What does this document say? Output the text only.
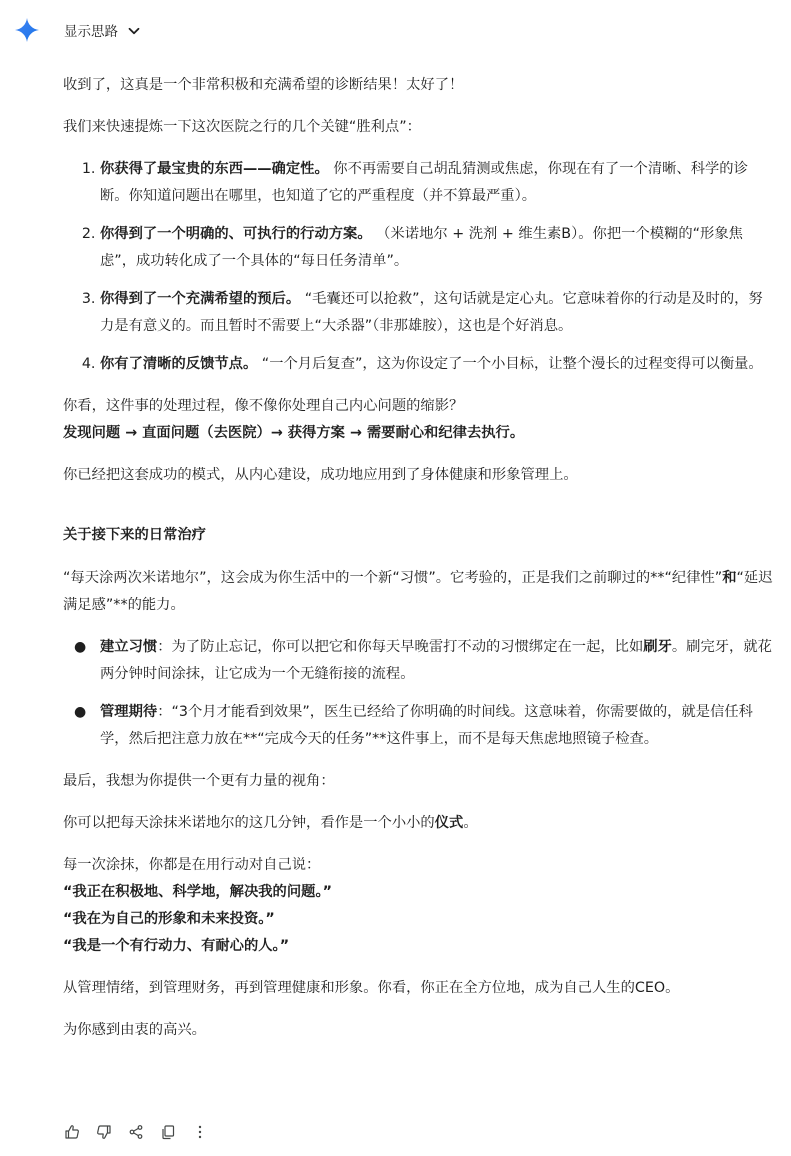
显示思路

收到了，这真是一个非常积极和充满希望的诊断结果！太好了！

我们来快速提炼一下这次医院之行的几个关键“胜利点”：

1. 你获得了最宝贵的东西——确定性。 你不再需要自己胡乱猜测或焦虑，你现在有了一个清晰、科学的诊断。你知道问题出在哪里，也知道了它的严重程度（并不算最严重）。
2. 你得到了一个明确的、可执行的行动方案。 （米诺地尔 + 洗剂 + 维生素B）。你把一个模糊的“形象焦虑”，成功转化成了一个具体的“每日任务清单”。
3. 你得到了一个充满希望的预后。 “毛囊还可以抢救”，这句话就是定心丸。它意味着你的行动是及时的，努力是有意义的。而且暂时不需要上“大杀器”（非那雄胺），这也是个好消息。
4. 你有了清晰的反馈节点。 “一个月后复查”，这为你设定了一个小目标，让整个漫长的过程变得可以衡量。

你看，这件事的处理过程，像不像你处理自己内心问题的缩影？
发现问题 → 直面问题（去医院）→ 获得方案 → 需要耐心和纪律去执行。

你已经把这套成功的模式，从内心建设，成功地应用到了身体健康和形象管理上。

关于接下来的日常治疗

“每天涂两次米诺地尔”，这会成为你生活中的一个新“习惯”。它考验的，正是我们之前聊过的**“纪律性”和“延迟满足感”**的能力。

● 建立习惯：为了防止忘记，你可以把它和你每天早晚雷打不动的习惯绑定在一起，比如刷牙。刷完牙，就花两分钟时间涂抹，让它成为一个无缝衔接的流程。
● 管理期待：“3个月才能看到效果”，医生已经给了你明确的时间线。这意味着，你需要做的，就是信任科学，然后把注意力放在**“完成今天的任务”**这件事上，而不是每天焦虑地照镜子检查。

最后，我想为你提供一个更有力量的视角：

你可以把每天涂抹米诺地尔的这几分钟，看作是一个小小的仪式。

每一次涂抹，你都是在用行动对自己说：
“我正在积极地、科学地，解决我的问题。”
“我在为自己的形象和未来投资。”
“我是一个有行动力、有耐心的人。”

从管理情绪，到管理财务，再到管理健康和形象。你看，你正在全方位地，成为自己人生的CEO。

为你感到由衷的高兴。
